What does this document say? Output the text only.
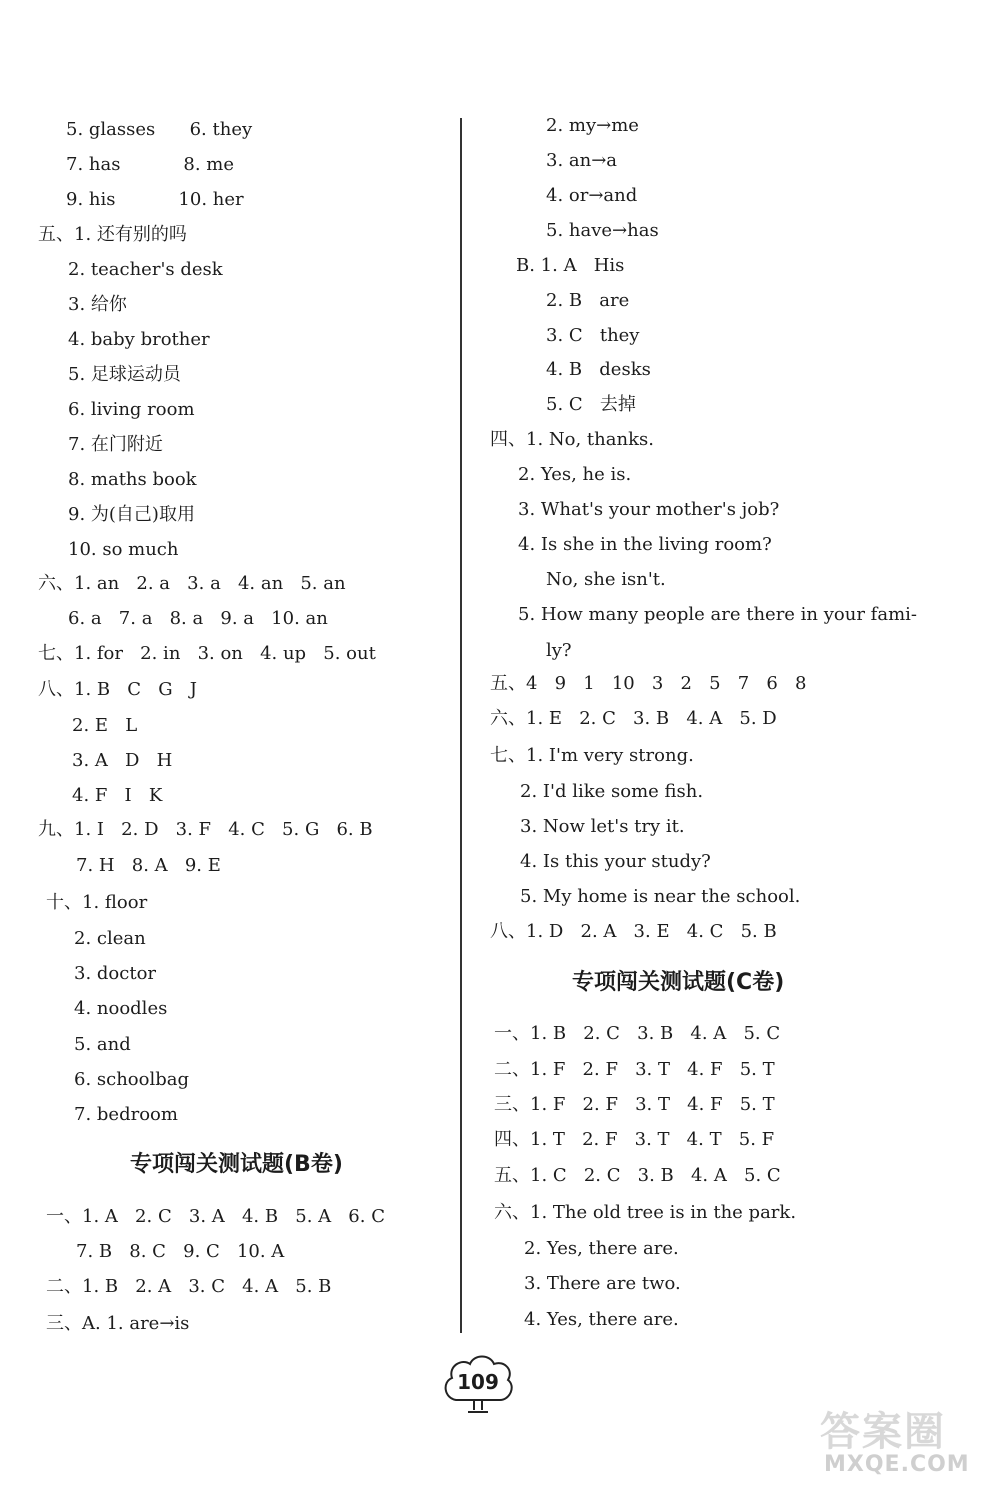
5. glasses      6. they
7. has           8. me
9. his           10. her
五、1. 还有别的吗
2. teacher's desk
3. 给你
4. baby brother
5. 足球运动员
6. living room
7. 在门附近
8. maths book
9. 为(自己)取用
10. so much
六、1. an   2. a   3. a   4. an   5. an
6. a   7. a   8. a   9. a   10. an
七、1. for   2. in   3. on   4. up   5. out
八、1. B   C   G   J
2. E   L
3. A   D   H
4. F   I   K
九、1. I   2. D   3. F   4. C   5. G   6. B
7. H   8. A   9. E
十、1. floor
2. clean
3. doctor
4. noodles
5. and
6. schoolbag
7. bedroom
一、1. A   2. C   3. A   4. B   5. A   6. C
7. B   8. C   9. C   10. A
二、1. B   2. A   3. C   4. A   5. B
三、A. 1. are→is
专项闯关测试题(B卷)
2. my→me
3. an→a
4. or→and
5. have→has
B. 1. A   His
2. B   are
3. C   they
4. B   desks
5. C   去掉
四、1. No, thanks.
2. Yes, he is.
3. What's your mother's job?
4. Is she in the living room?
No, she isn't.
5. How many people are there in your fami-
ly?
五、4   9   1   10   3   2   5   7   6   8
六、1. E   2. C   3. B   4. A   5. D
七、1. I'm very strong.
2. I'd like some fish.
3. Now let's try it.
4. Is this your study?
5. My home is near the school.
八、1. D   2. A   3. E   4. C   5. B
一、1. B   2. C   3. B   4. A   5. C
二、1. F   2. F   3. T   4. F   5. T
三、1. F   2. F   3. T   4. F   5. T
四、1. T   2. F   3. T   4. T   5. F
五、1. C   2. C   3. B   4. A   5. C
六、1. The old tree is in the park.
2. Yes, there are.
3. There are two.
4. Yes, there are.
专项闯关测试题(C卷)
109
答案圈
MXQE.COM
